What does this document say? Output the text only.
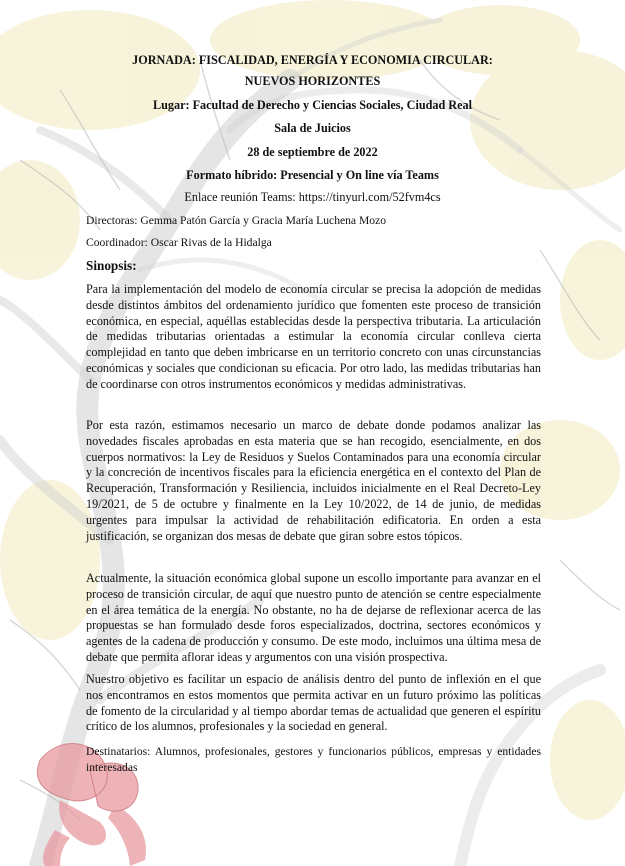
JORNADA: FISCALIDAD, ENERGÍA Y ECONOMIA CIRCULAR:
NUEVOS HORIZONTES
Lugar: Facultad de Derecho y Ciencias Sociales, Ciudad Real
Sala de Juicios
28 de septiembre de 2022
Formato híbrido: Presencial y On line vía Teams
Enlace reunión Teams: https://tinyurl.com/52fvm4cs
Directoras: Gemma Patón García y Gracia María Luchena Mozo
Coordinador: Oscar Rivas de la Hidalga
Sinopsis:

Para la implementación del modelo de economía circular se precisa la adopción de medidas desde distintos ámbitos del ordenamiento jurídico que fomenten este proceso de transición económica, en especial, aquéllas establecidas desde la perspectiva tributaria. La articulación de medidas tributarias orientadas a estimular la economía circular conlleva cierta complejidad en tanto que deben imbricarse en un territorio concreto con unas circunstancias económicas y sociales que condicionan su eficacia. Por otro lado, las medidas tributarias han de coordinarse con otros instrumentos económicos y medidas administrativas.

Por esta razón, estimamos necesario un marco de debate donde podamos analizar las novedades fiscales aprobadas en esta materia que se han recogido, esencialmente, en dos cuerpos normativos: la Ley de Residuos y Suelos Contaminados para una economía circular y la concreción de incentivos fiscales para la eficiencia energética en el contexto del Plan de Recuperación, Transformación y Resiliencia, incluidos inicialmente en el Real Decreto-Ley 19/2021, de 5 de octubre y finalmente en la Ley 10/2022, de 14 de junio, de medidas urgentes para impulsar la actividad de rehabilitación edificatoria. En orden a esta justificación, se organizan dos mesas de debate que giran sobre estos tópicos.

Actualmente, la situación económica global supone un escollo importante para avanzar en el proceso de transición circular, de aquí que nuestro punto de atención se centre especialmente en el área temática de la energía. No obstante, no ha de dejarse de reflexionar acerca de las propuestas se han formulado desde foros especializados, doctrina, sectores económicos y agentes de la cadena de producción y consumo. De este modo, incluimos una última mesa de debate que permita aflorar ideas y argumentos con una visión prospectiva.

Nuestro objetivo es facilitar un espacio de análisis dentro del punto de inflexión en el que nos encontramos en estos momentos que permita activar en un futuro próximo las políticas de fomento de la circularidad y al tiempo abordar temas de actualidad que generen el espíritu crítico de los alumnos, profesionales y la sociedad en general.

Destinatarios: Alumnos, profesionales, gestores y funcionarios públicos, empresas y entidades interesadas
